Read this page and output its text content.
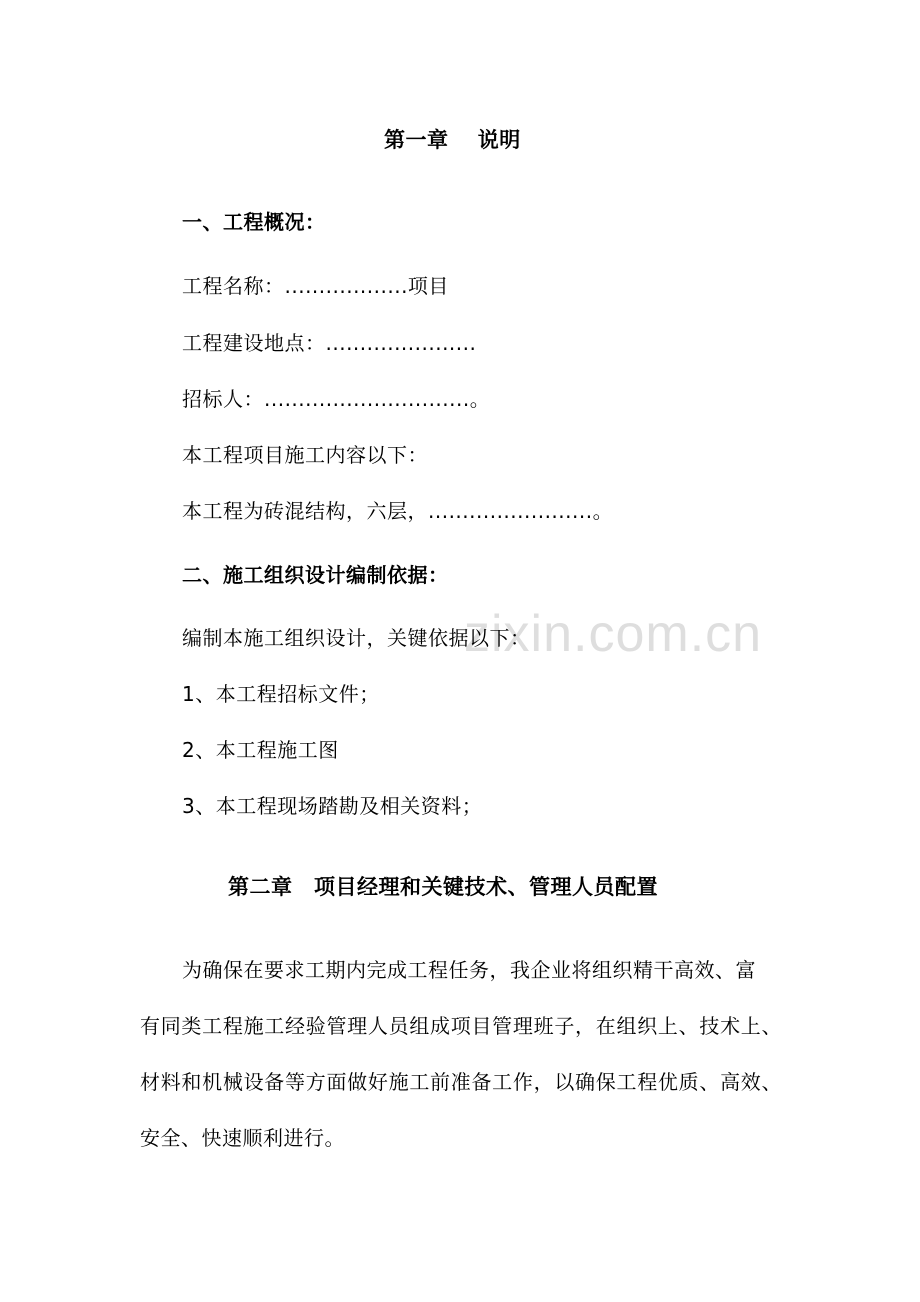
zixin.com.cn
第一章　 说明
一、工程概况：
工程名称：..................项目
工程建设地点：......................
招标人：..............................。
本工程项目施工内容以下：
本工程为砖混结构，六层，........................。
二、施工组织设计编制依据：
编制本施工组织设计，关键依据以下：
1、本工程招标文件；
2、本工程施工图
3、本工程现场踏勘及相关资料；
第二章　项目经理和关键技术、管理人员配置
为确保在要求工期内完成工程任务，我企业将组织精干高效、富
有同类工程施工经验管理人员组成项目管理班子，在组织上、技术上、
材料和机械设备等方面做好施工前准备工作，以确保工程优质、高效、
安全、快速顺利进行。
